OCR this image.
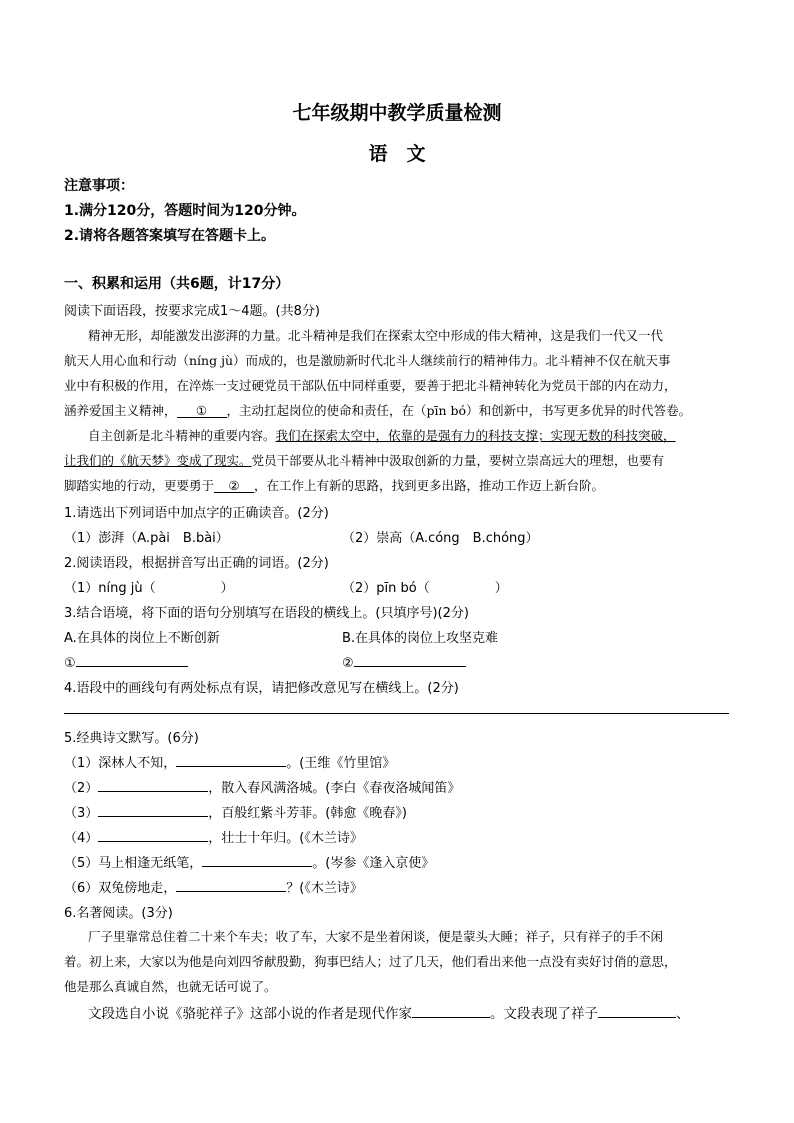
七年级期中教学质量检测
语　文
注意事项：
1.满分120分，答题时间为120分钟。
2.请将各题答案填写在答题卡上。
一、积累和运用（共6题，计17分）
阅读下面语段，按要求完成1～4题。(共8分)
精神无形，却能激发出澎湃的力量。北斗精神是我们在探索太空中形成的伟大精神，这是我们一代又一代
航天人用心血和行动（níng jù）而成的，也是激励新时代北斗人继续前行的精神伟力。北斗精神不仅在航天事
业中有积极的作用，在淬炼一支过硬党员干部队伍中同样重要，要善于把北斗精神转化为党员干部的内在动力，
涵养爱国主义精神， ① ，主动扛起岗位的使命和责任，在（pīn bó）和创新中，书写更多优异的时代答卷。
自主创新是北斗精神的重要内容。我们在探索太空中，依靠的是强有力的科技支撑；实现无数的科技突破，
让我们的《航天梦》变成了现实。党员干部要从北斗精神中汲取创新的力量，要树立崇高远大的理想，也要有
脚踏实地的行动，更要勇于 ② ，在工作上有新的思路，找到更多出路，推动工作迈上新台阶。
1.请选出下列词语中加点字的正确读音。(2分)
（1）澎湃（A.pài　B.bài）	（2）崇高（A.cóng　B.chóng）
2.阅读语段，根据拼音写出正确的词语。(2分)
（1）níng jù（　　　　　）	（2）pīn bó（　　　　　）
3.结合语境，将下面的语句分别填写在语段的横线上。(只填序号)(2分)
A.在具体的岗位上不断创新	B.在具体的岗位上攻坚克难
①	②
4.语段中的画线句有两处标点有误，请把修改意见写在横线上。(2分)
5.经典诗文默写。(6分)
（1）深林人不知，	。(王维《竹里馆》
（2）	，散入春风满洛城。(李白《春夜洛城闻笛》
（3）	，百般红紫斗芳菲。(韩愈《晚春》)
（4）	，壮士十年归。(《木兰诗》
（5）马上相逢无纸笔，	。(岑参《逢入京使》
（6）双兔傍地走，	？(《木兰诗》
6.名著阅读。(3分)
厂子里靠常总住着二十来个车夫；收了车，大家不是坐着闲谈，便是蒙头大睡；祥子，只有祥子的手不闲
着。初上来，大家以为他是向刘四爷献殷勤，狗事巴结人；过了几天，他们看出来他一点没有卖好讨俏的意思，
他是那么真诚自然，也就无话可说了。
文段选自小说《骆驼祥子》这部小说的作者是现代作家	。文段表现了祥子	、
